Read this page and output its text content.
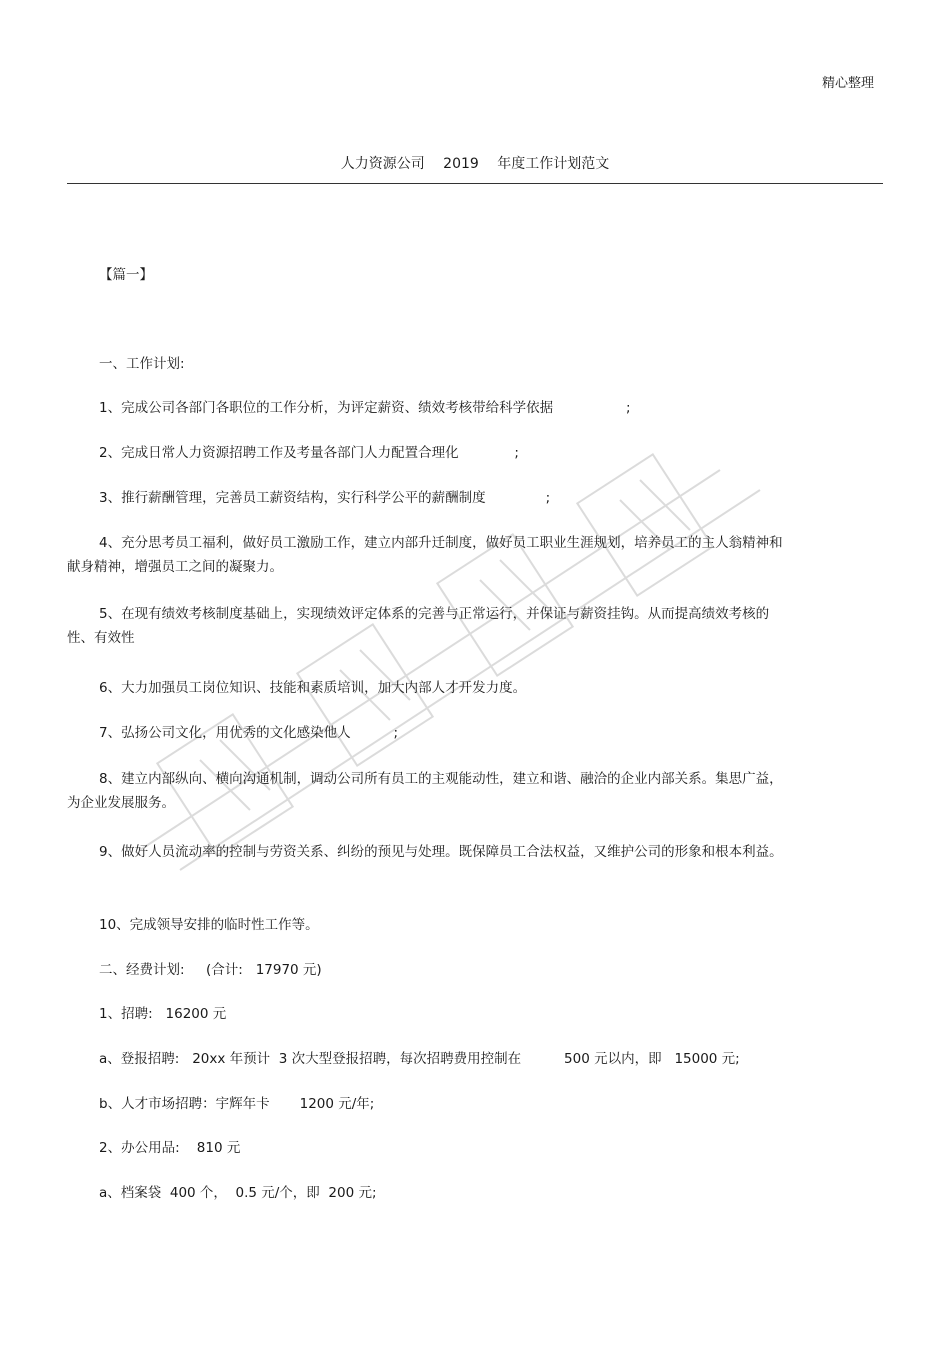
精心整理
人力资源公司 2019 年度工作计划范文
【篇一】
一、工作计划:
1、完成公司各部门各职位的工作分析，为评定薪资、绩效考核带给科学依据                 ;
2、完成日常人力资源招聘工作及考量各部门人力配置合理化             ;
3、推行薪酬管理，完善员工薪资结构，实行科学公平的薪酬制度              ;
4、充分思考员工福利，做好员工激励工作，建立内部升迁制度，做好员工职业生涯规划，培养员工的主人翁精神和献身精神，增强员工之间的凝聚力。
5、在现有绩效考核制度基础上，实现绩效评定体系的完善与正常运行，并保证与薪资挂钩。从而提高绩效考核的性、有效性
6、大力加强员工岗位知识、技能和素质培训，加大内部人才开发力度。
7、弘扬公司文化，用优秀的文化感染他人          ;
8、建立内部纵向、横向沟通机制，调动公司所有员工的主观能动性，建立和谐、融洽的企业内部关系。集思广益，为企业发展服务。
9、做好人员流动率的控制与劳资关系、纠纷的预见与处理。既保障员工合法权益，又维护公司的形象和根本利益。
10、完成领导安排的临时性工作等。
二、经费计划:     (合计:   17970 元)
1、招聘:   16200 元
a、登报招聘:   20xx 年预计  3 次大型登报招聘，每次招聘费用控制在          500 元以内，即   15000 元;
b、人才市场招聘：宇辉年卡       1200 元/年;
2、办公用品:    810 元
a、档案袋  400 个，  0.5 元/个，即  200 元;
